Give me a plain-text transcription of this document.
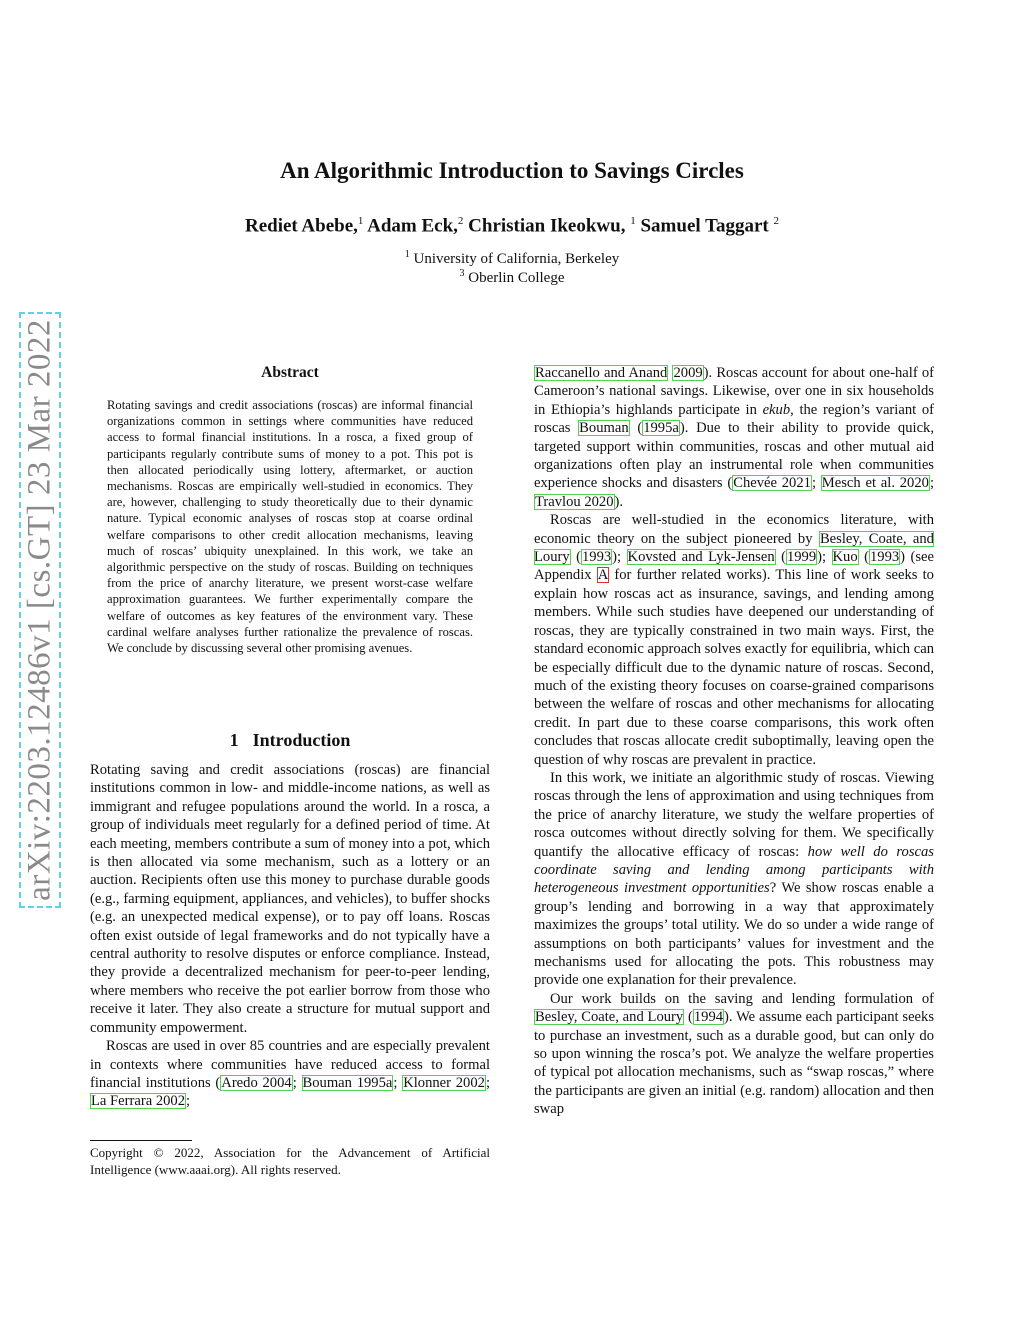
arXiv:2203.12486v1 [cs.GT] 23 Mar 2022
An Algorithmic Introduction to Savings Circles
Rediet Abebe,$^1$ Adam Eck,$^2$ Christian Ikeokwu, $^1$ Samuel Taggart $^2$
$^1$ University of California, Berkeley
$^3$ Oberlin College
Abstract
Rotating savings and credit associations (roscas) are informal financial organizations common in settings where communities have reduced access to formal financial institutions. In a rosca, a fixed group of participants regularly contribute sums of money to a pot. This pot is then allocated periodically using lottery, aftermarket, or auction mechanisms. Roscas are empirically well-studied in economics. They are, however, challenging to study theoretically due to their dynamic nature. Typical economic analyses of roscas stop at coarse ordinal welfare comparisons to other credit allocation mechanisms, leaving much of roscas’ ubiquity unexplained. In this work, we take an algorithmic perspective on the study of roscas. Building on techniques from the price of anarchy literature, we present worst-case welfare approximation guarantees. We further experimentally compare the welfare of outcomes as key features of the environment vary. These cardinal welfare analyses further rationalize the prevalence of roscas. We conclude by discussing several other promising avenues.
1 Introduction

Rotating saving and credit associations (roscas) are financial institutions common in low- and middle-income nations, as well as immigrant and refugee populations around the world. In a rosca, a group of individuals meet regularly for a defined period of time. At each meeting, members contribute a sum of money into a pot, which is then allocated via some mechanism, such as a lottery or an auction. Recipients often use this money to purchase durable goods (e.g., farming equipment, appliances, and vehicles), to buffer shocks (e.g. an unexpected medical expense), or to pay off loans. Roscas often exist outside of legal frameworks and do not typically have a central authority to resolve disputes or enforce compliance. Instead, they provide a decentralized mechanism for peer-to-peer lending, where members who receive the pot earlier borrow from those who receive it later. They also create a structure for mutual support and community empowerment.

Roscas are used in over 85 countries and are especially prevalent in contexts where communities have reduced access to formal financial institutions (Aredo 2004; Bouman 1995a; Klonner 2002; La Ferrara 2002;

Copyright © 2022, Association for the Advancement of Artificial Intelligence (www.aaai.org). All rights reserved.

Raccanello and Anand 2009). Roscas account for about one-half of Cameroon’s national savings. Likewise, over one in six households in Ethiopia’s highlands participate in ekub, the region’s variant of roscas Bouman (1995a). Due to their ability to provide quick, targeted support within communities, roscas and other mutual aid organizations often play an instrumental role when communities experience shocks and disasters (Chevée 2021; Mesch et al. 2020; Travlou 2020).

Roscas are well-studied in the economics literature, with economic theory on the subject pioneered by Besley, Coate, and Loury (1993); Kovsted and Lyk-Jensen (1999); Kuo (1993) (see Appendix A for further related works). This line of work seeks to explain how roscas act as insurance, savings, and lending among members. While such studies have deepened our understanding of roscas, they are typically constrained in two main ways. First, the standard economic approach solves exactly for equilibria, which can be especially difficult due to the dynamic nature of roscas. Second, much of the existing theory focuses on coarse-grained comparisons between the welfare of roscas and other mechanisms for allocating credit. In part due to these coarse comparisons, this work often concludes that roscas allocate credit suboptimally, leaving open the question of why roscas are prevalent in practice.

In this work, we initiate an algorithmic study of roscas. Viewing roscas through the lens of approximation and using techniques from the price of anarchy literature, we study the welfare properties of rosca outcomes without directly solving for them. We specifically quantify the allocative efficacy of roscas: how well do roscas coordinate saving and lending among participants with heterogeneous investment opportunities? We show roscas enable a group’s lending and borrowing in a way that approximately maximizes the groups’ total utility. We do so under a wide range of assumptions on both participants’ values for investment and the mechanisms used for allocating the pots. This robustness may provide one explanation for their prevalence.

Our work builds on the saving and lending formulation of Besley, Coate, and Loury (1994). We assume each participant seeks to purchase an investment, such as a durable good, but can only do so upon winning the rosca’s pot. We analyze the welfare properties of typical pot allocation mechanisms, such as “swap roscas,” where the participants are given an initial (e.g. random) allocation and then swap
